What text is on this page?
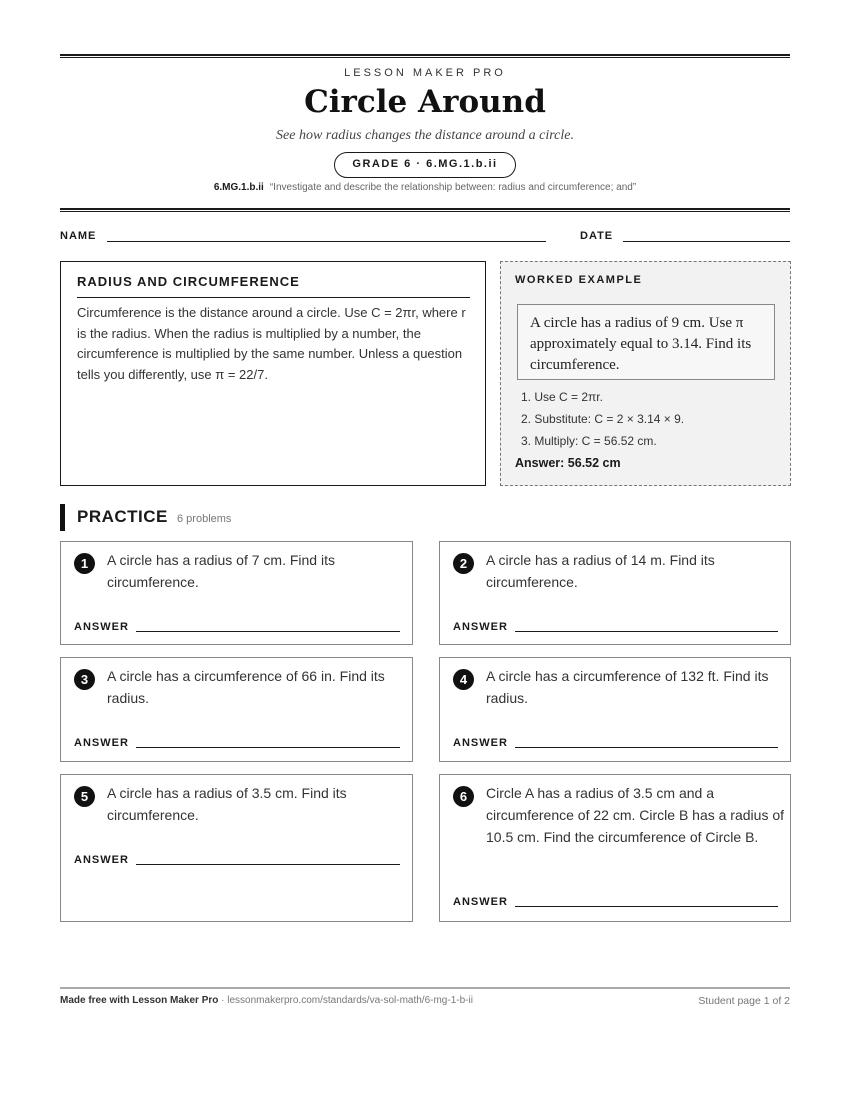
LESSON MAKER PRO
Circle Around
See how radius changes the distance around a circle.
GRADE 6 · 6.MG.1.b.ii
6.MG.1.b.ii “Investigate and describe the relationship between: radius and circumference; and”
NAME	DATE
RADIUS AND CIRCUMFERENCE

Circumference is the distance around a circle. Use C = 2πr, where r is the radius. When the radius is multiplied by a number, the circumference is multiplied by the same number. Unless a question tells you differently, use π = 22/7.

WORKED EXAMPLE
A circle has a radius of 9 cm. Use π approximately equal to 3.14. Find its circumference.
1. Use C = 2πr.
2. Substitute: C = 2 × 3.14 × 9.
3. Multiply: C = 56.52 cm.
Answer: 56.52 cm
PRACTICE 6 problems
1	A circle has a radius of 7 cm. Find its circumference.
ANSWER
2	A circle has a radius of 14 m. Find its circumference.
ANSWER
3	A circle has a circumference of 66 in. Find its radius.
ANSWER
4	A circle has a circumference of 132 ft. Find its radius.
ANSWER
5	A circle has a radius of 3.5 cm. Find its circumference.
ANSWER
6	Circle A has a radius of 3.5 cm and a circumference of 22 cm. Circle B has a radius of 10.5 cm. Find the circumference of Circle B.
ANSWER
Made free with Lesson Maker Pro · lessonmakerpro.com/standards/va-sol-math/6-mg-1-b-ii	Student page 1 of 2
